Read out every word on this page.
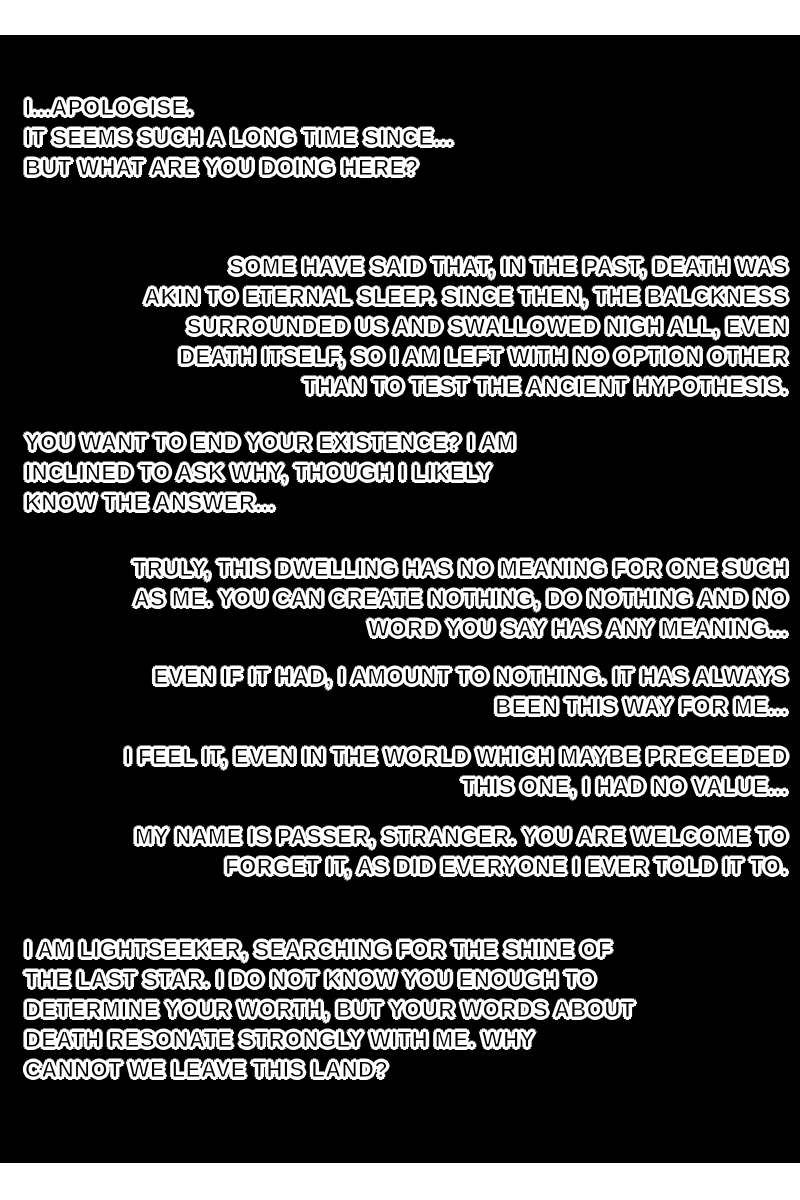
I...APOLOGISE.
IT SEEMS SUCH A LONG TIME SINCE...
BUT WHAT ARE YOU DOING HERE?
SOME HAVE SAID THAT, IN THE PAST, DEATH WAS
AKIN TO ETERNAL SLEEP. SINCE THEN, THE BALCKNESS
SURROUNDED US AND SWALLOWED NIGH ALL, EVEN
DEATH ITSELF, SO I AM LEFT WITH NO OPTION OTHER
THAN TO TEST THE ANCIENT HYPOTHESIS.
YOU WANT TO END YOUR EXISTENCE? I AM
INCLINED TO ASK WHY, THOUGH I LIKELY
KNOW THE ANSWER...
TRULY, THIS DWELLING HAS NO MEANING FOR ONE SUCH
AS ME. YOU CAN CREATE NOTHING, DO NOTHING AND NO
WORD YOU SAY HAS ANY MEANING...
EVEN IF IT HAD, I AMOUNT TO NOTHING. IT HAS ALWAYS
BEEN THIS WAY FOR ME...
I FEEL IT, EVEN IN THE WORLD WHICH MAYBE PRECEEDED
THIS ONE, I HAD NO VALUE...
MY NAME IS PASSER, STRANGER. YOU ARE WELCOME TO
FORGET IT, AS DID EVERYONE I EVER TOLD IT TO.
I AM LIGHTSEEKER, SEARCHING FOR THE SHINE OF
THE LAST STAR. I DO NOT KNOW YOU ENOUGH TO
DETERMINE YOUR WORTH, BUT YOUR WORDS ABOUT
DEATH RESONATE STRONGLY WITH ME. WHY
CANNOT WE LEAVE THIS LAND?
